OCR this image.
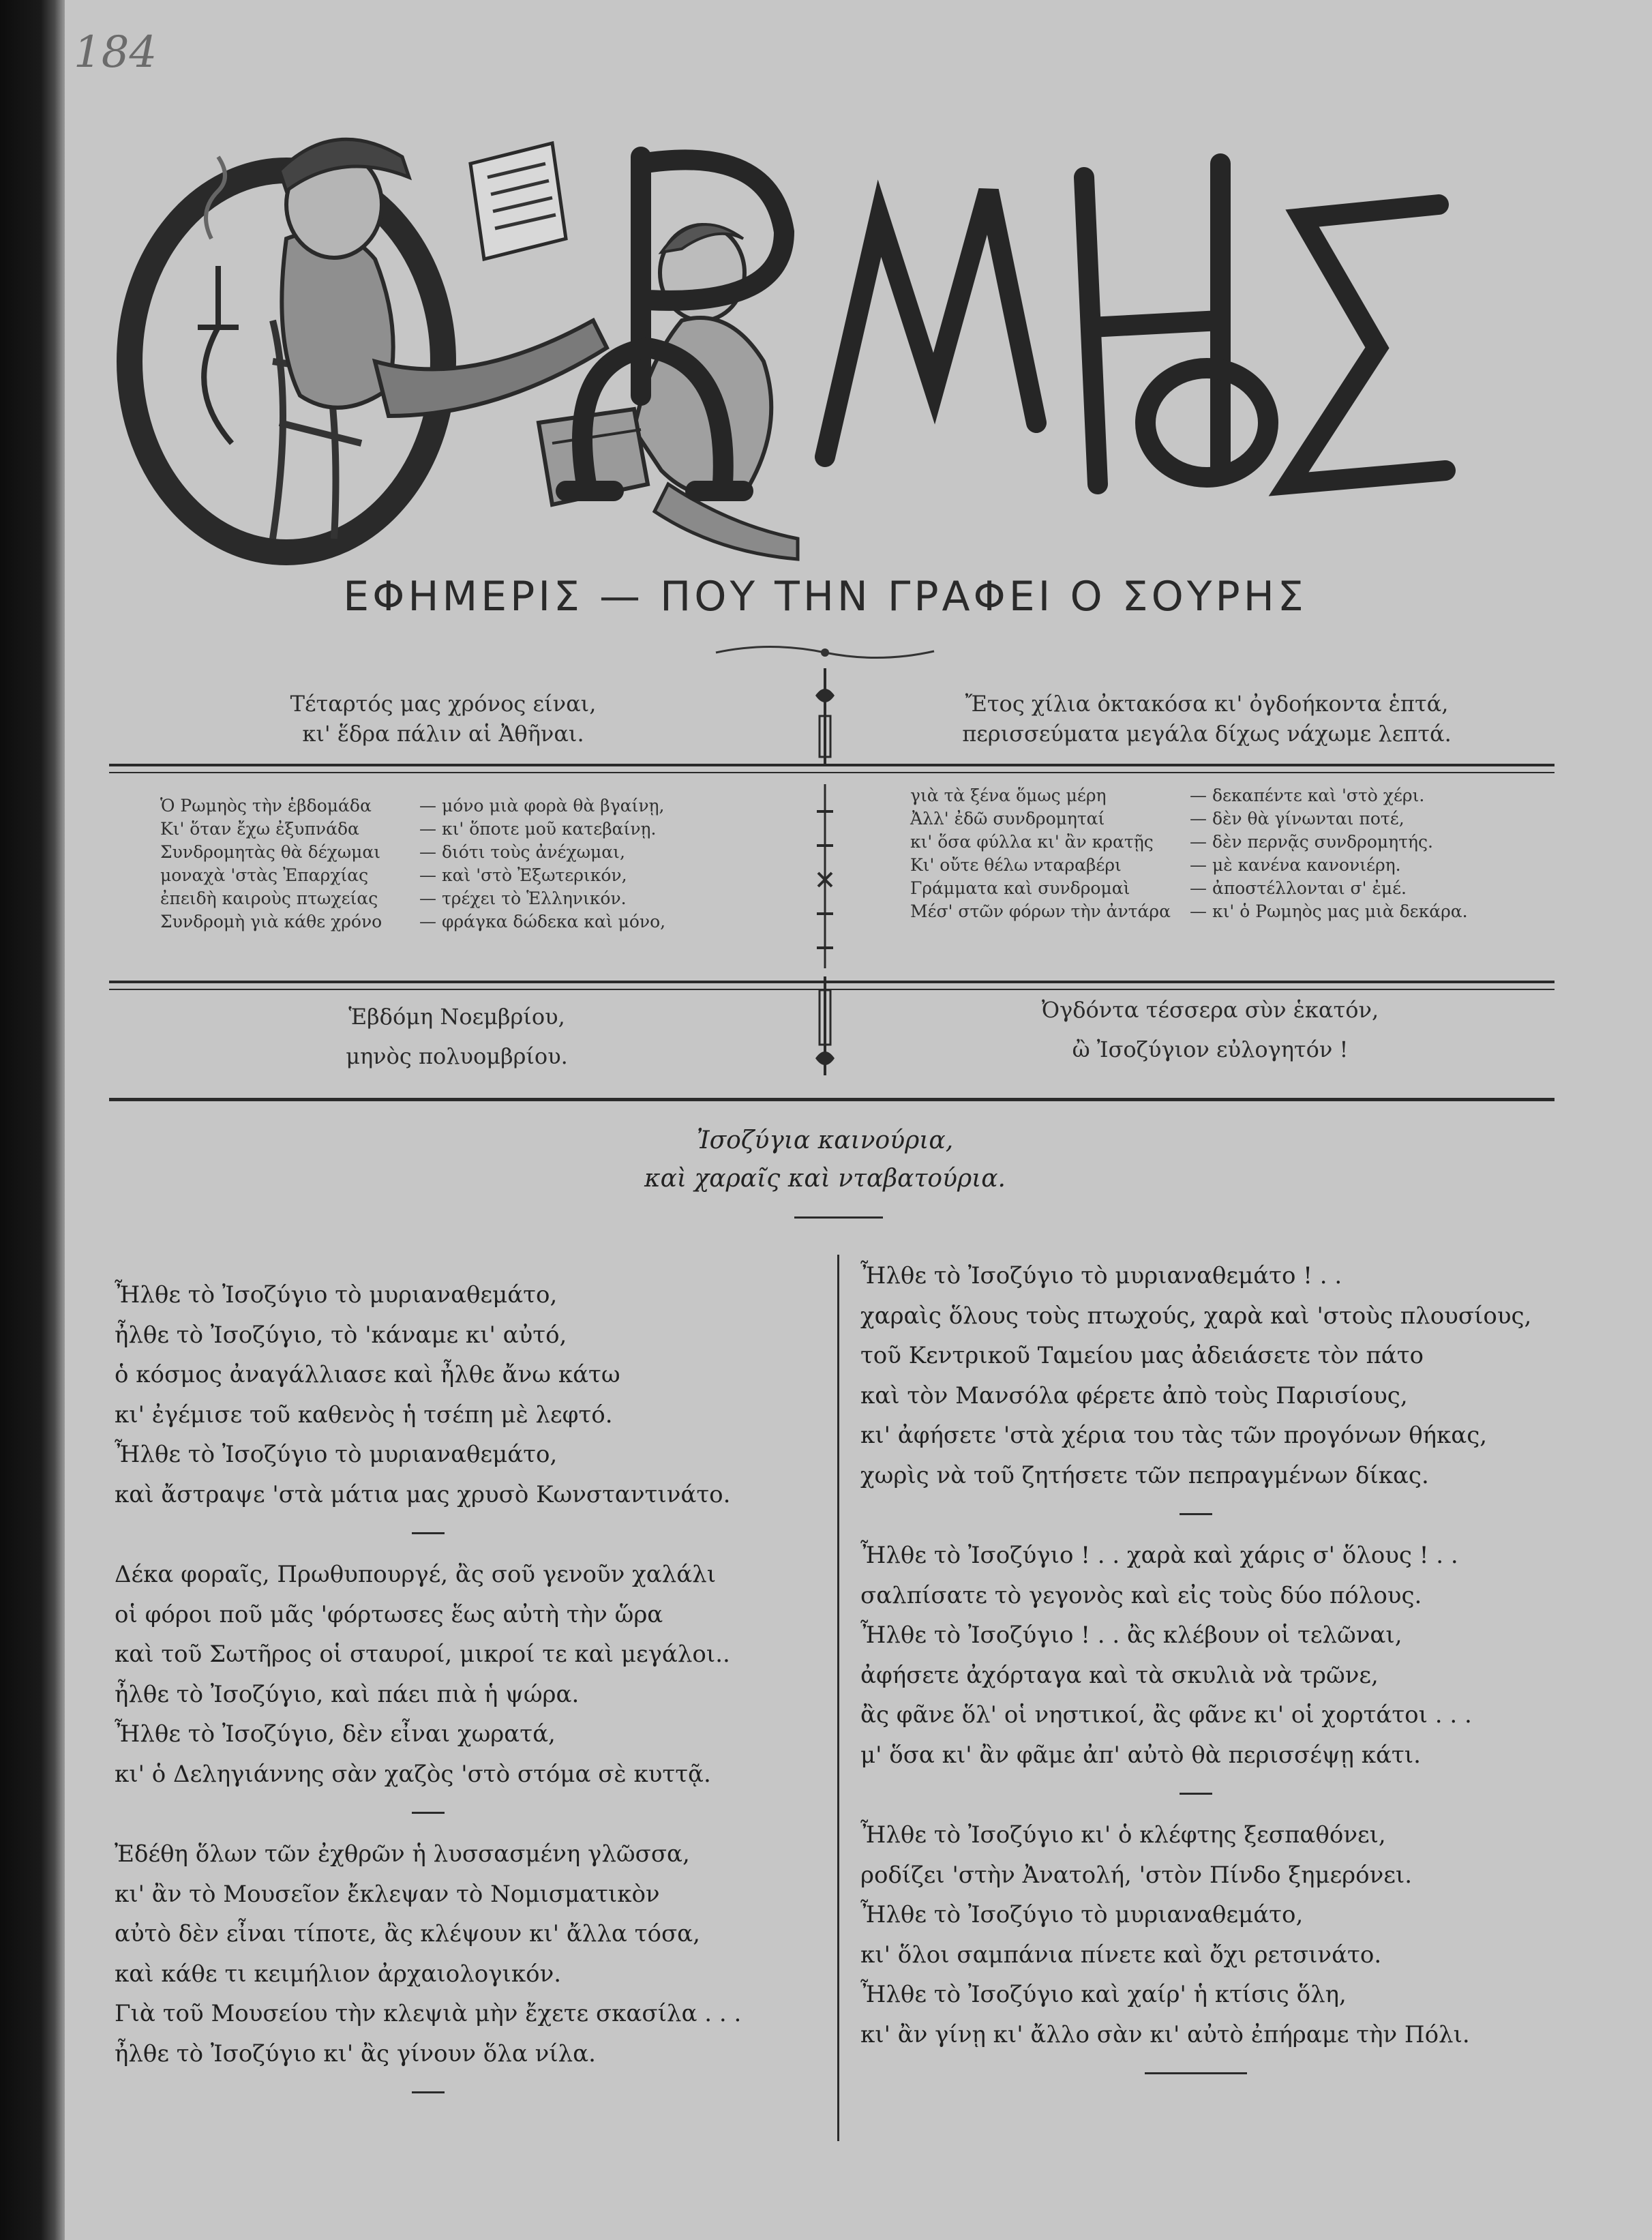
184
ΕΦΗΜΕΡΙΣ — ΠΟΥ ΤΗΝ ΓΡΑΦΕΙ Ο ΣΟΥΡΗΣ
Τέταρτός μας χρόνος είναι,
κι' ἕδρα πάλιν αἱ Ἀθῆναι.
Ἔτος χίλια ὀκτακόσα κι' ὀγδοήκοντα ἑπτά,
περισσεύματα μεγάλα δίχως νάχωμε λεπτά.
Ὁ Ρωμηὸς τὴν ἑβδομάδα	— μόνο μιὰ φορὰ θὰ βγαίνῃ,
Κι' ὅταν ἔχω ἐξυπνάδα	— κι' ὅποτε μοῦ κατεβαίνῃ.
Συνδρομητὰς θὰ δέχωμαι — διότι τοὺς ἀνέχωμαι,
μοναχὰ 'στὰς Ἐπαρχίας	— καὶ 'στὸ Ἐξωτερικόν,
ἐπειδὴ καιροὺς πτωχείας — τρέχει τὸ Ἑλληνικόν.
Συνδρομὴ γιὰ κάθε χρόνο — φράγκα δώδεκα καὶ μόνο,
γιὰ τὰ ξένα ὅμως μέρη	— δεκαπέντε καὶ 'στὸ χέρι.
Ἀλλ' ἐδῶ συνδρομηταί	— δὲν θὰ γίνωνται ποτέ,
κι' ὅσα φύλλα κι' ἂν κρατῇς — δὲν περνᾷς συνδρομητής.
Κι' οὔτε θέλω νταραβέρι	— μὲ κανένα κανονιέρη.
Γράμματα καὶ συνδρομαὶ	— ἀποστέλλονται σ' ἐμέ.
Μέσ' στῶν φόρων τὴν ἀντάρα — κι' ὁ Ρωμηὸς μας μιὰ δεκάρα.
Ἑβδόμη Νοεμβρίου,
μηνὸς πολυομβρίου.
Ὀγδόντα τέσσερα σὺν ἑκατόν,
ὢ Ἰσοζύγιον εὐλογητόν !
Ἰσοζύγια καινούρια,
καὶ χαραῖς καὶ νταβατούρια.
Ἦλθε τὸ Ἰσοζύγιο τὸ μυριαναθεμάτο,
ἦλθε τὸ Ἰσοζύγιο, τὸ 'κάναμε κι' αὐτό,
ὁ κόσμος ἀναγάλλιασε καὶ ἦλθε ἄνω κάτω
κι' ἐγέμισε τοῦ καθενὸς ἡ τσέπη μὲ λεφτό.
Ἦλθε τὸ Ἰσοζύγιο τὸ μυριαναθεμάτο,
καὶ ἄστραψε 'στὰ μάτια μας χρυσὸ Κωνσταντινάτο.
Δέκα φοραῖς, Πρωθυπουργέ, ἂς σοῦ γενοῦν χαλάλι
οἱ φόροι ποῦ μᾶς 'φόρτωσες ἕως αὐτὴ τὴν ὥρα
καὶ τοῦ Σωτῆρος οἱ σταυροί, μικροί τε καὶ μεγάλοι..
ἦλθε τὸ Ἰσοζύγιο, καὶ πάει πιὰ ἡ ψώρα.
Ἦλθε τὸ Ἰσοζύγιο, δὲν εἶναι χωρατά,
κι' ὁ Δεληγιάννης σὰν χαζὸς 'στὸ στόμα σὲ κυττᾷ.
Ἐδέθη ὅλων τῶν ἐχθρῶν ἡ λυσσασμένη γλῶσσα,
κι' ἂν τὸ Μουσεῖον ἔκλεψαν τὸ Νομισματικὸν
αὐτὸ δὲν εἶναι τίποτε, ἂς κλέψουν κι' ἄλλα τόσα,
καὶ κάθε τι κειμήλιον ἀρχαιολογικόν.
Γιὰ τοῦ Μουσείου τὴν κλεψιὰ μὴν ἔχετε σκασίλα . . .
ἦλθε τὸ Ἰσοζύγιο κι' ἂς γίνουν ὅλα νίλα.
Ἦλθε τὸ Ἰσοζύγιο τὸ μυριαναθεμάτο ! . .
χαραὶς ὅλους τοὺς πτωχούς, χαρὰ καὶ 'στοὺς πλουσίους,
τοῦ Κεντρικοῦ Ταμείου μας ἀδειάσετε τὸν πάτο
καὶ τὸν Μανσόλα φέρετε ἀπὸ τοὺς Παρισίους,
κι' ἀφήσετε 'στὰ χέρια του τὰς τῶν προγόνων θήκας,
χωρὶς νὰ τοῦ ζητήσετε τῶν πεπραγμένων δίκας.
Ἦλθε τὸ Ἰσοζύγιο ! . . χαρὰ καὶ χάρις σ' ὅλους ! . .
σαλπίσατε τὸ γεγονὸς καὶ εἰς τοὺς δύο πόλους.
Ἦλθε τὸ Ἰσοζύγιο ! . . ἂς κλέβουν οἱ τελῶναι,
ἀφήσετε ἀχόρταγα καὶ τὰ σκυλιὰ νὰ τρῶνε,
ἂς φᾶνε ὅλ' οἱ νηστικοί, ἂς φᾶνε κι' οἱ χορτάτοι . . .
μ' ὅσα κι' ἂν φᾶμε ἀπ' αὐτὸ θὰ περισσέψῃ κάτι.
Ἦλθε τὸ Ἰσοζύγιο κι' ὁ κλέφτης ξεσπαθόνει,
ροδίζει 'στὴν Ἀνατολή, 'στὸν Πίνδο ξημερόνει.
Ἦλθε τὸ Ἰσοζύγιο τὸ μυριαναθεμάτο,
κι' ὅλοι σαμπάνια πίνετε καὶ ὄχι ρετσινάτο.
Ἦλθε τὸ Ἰσοζύγιο καὶ χαίρ' ἡ κτίσις ὅλη,
κι' ἂν γίνῃ κι' ἄλλο σὰν κι' αὐτὸ ἐπήραμε τὴν Πόλι.
